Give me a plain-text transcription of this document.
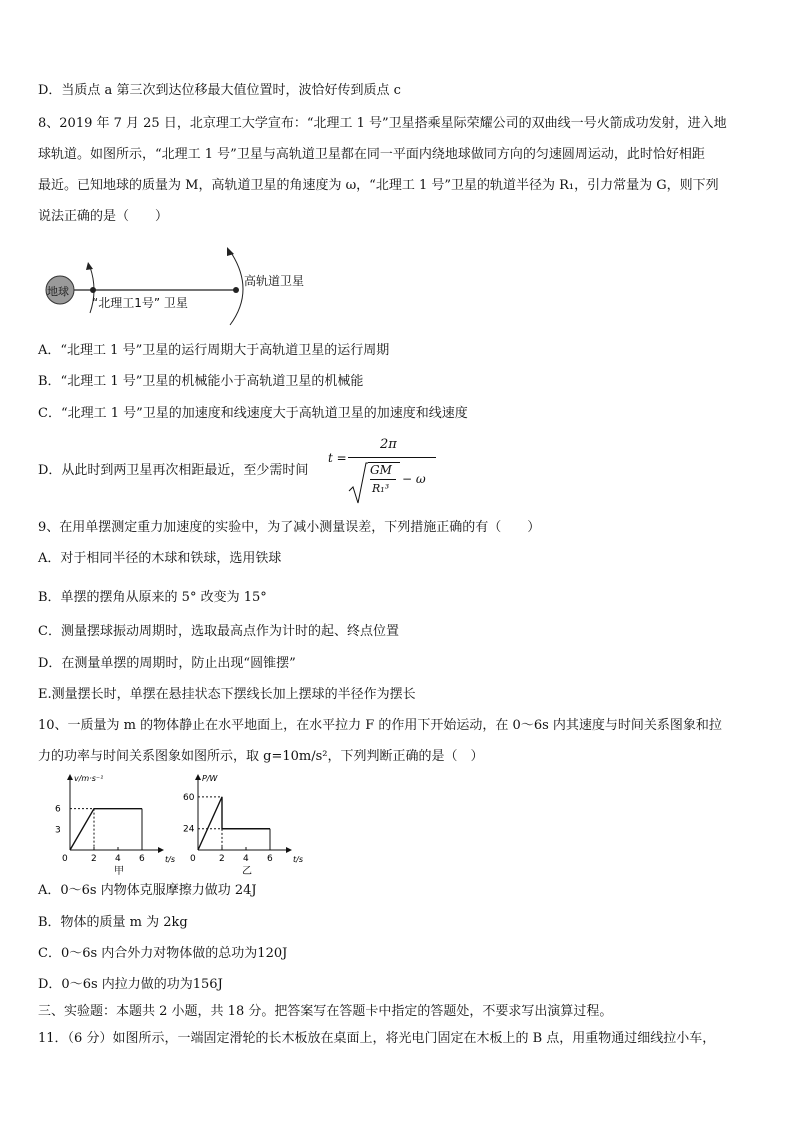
D．当质点 a 第三次到达位移最大值位置时，波恰好传到质点 c
8、2019 年 7 月 25 日，北京理工大学宣布：“北理工 1 号”卫星搭乘星际荣耀公司的双曲线一号火箭成功发射，进入地
球轨道。如图所示，“北理工 1 号”卫星与高轨道卫星都在同一平面内绕地球做同方向的匀速圆周运动，此时恰好相距
最近。已知地球的质量为 M，高轨道卫星的角速度为 ω，“北理工 1 号”卫星的轨道半径为 R₁，引力常量为 G，则下列
说法正确的是（　　）
地球
“北理工1号” 卫星
高轨道卫星
A．“北理工 1 号”卫星的运行周期大于高轨道卫星的运行周期
B．“北理工 1 号”卫星的机械能小于高轨道卫星的机械能
C．“北理工 1 号”卫星的加速度和线速度大于高轨道卫星的加速度和线速度
D．从此时到两卫星再次相距最近，至少需时间
t =
2π
GM
R₁³
− ω
9、在用单摆测定重力加速度的实验中，为了减小测量误差，下列措施正确的有（　　）
A．对于相同半径的木球和铁球，选用铁球
B．单摆的摆角从原来的 5° 改变为 15°
C．测量摆球振动周期时，选取最高点作为计时的起、终点位置
D．在测量单摆的周期时，防止出现“圆锥摆”
E.测量摆长时，单摆在悬挂状态下摆线长加上摆球的半径作为摆长
10、一质量为 m 的物体静止在水平地面上，在水平拉力 F 的作用下开始运动，在 0～6s 内其速度与时间关系图象和拉
力的功率与时间关系图象如图所示，取 g=10m/s²，下列判断正确的是（　）
v/m·s⁻¹
t/s
0	2 4 6
3
6
甲
P/W
t/s
0	2 4 6
24
60
乙
A．0～6s 内物体克服摩擦力做功 24J
B．物体的质量 m 为 2kg
C．0～6s 内合外力对物体做的总功为120J
D．0～6s 内拉力做的功为156J
三、实验题：本题共 2 小题，共 18 分。把答案写在答题卡中指定的答题处，不要求写出演算过程。
11．（6 分）如图所示，一端固定滑轮的长木板放在桌面上，将光电门固定在木板上的 B 点，用重物通过细线拉小车，
